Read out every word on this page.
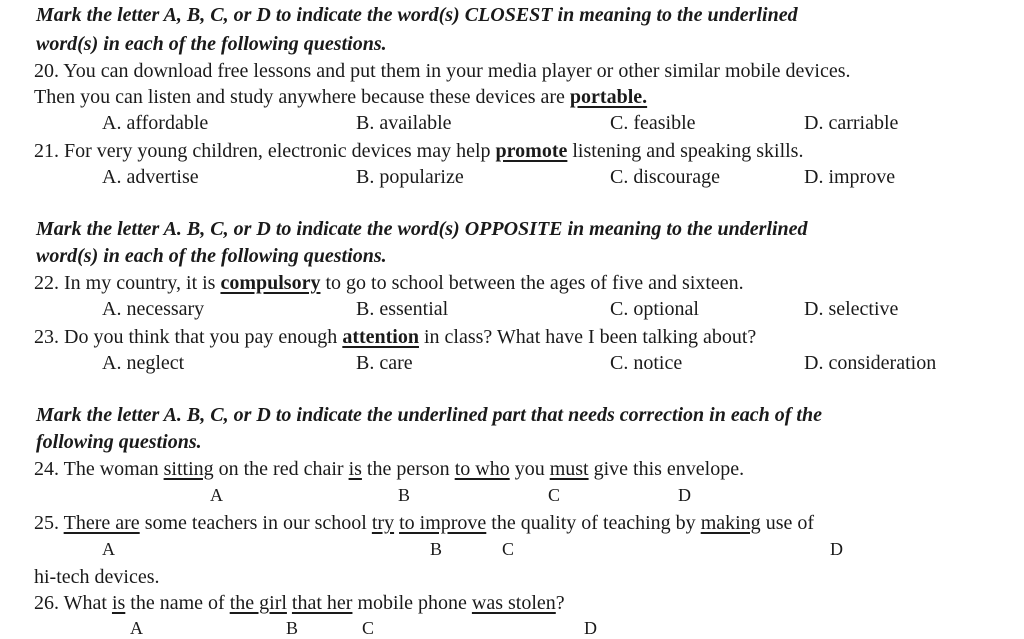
Mark the letter A, B, C, or D to indicate the word(s) CLOSEST in meaning to the underlined
word(s) in each of the following questions.
20. You can download free lessons and put them in your media player or other similar mobile devices.
Then you can listen and study anywhere because these devices are portable.
A. affordable	B. available	C. feasible	D. carriable
21. For very young children, electronic devices may help promote listening and speaking skills.
A. advertise	B. popularize	C. discourage	D. improve
Mark the letter A. B, C, or D to indicate the word(s) OPPOSITE in meaning to the underlined
word(s) in each of the following questions.
22. In my country, it is compulsory to go to school between the ages of five and sixteen.
A. necessary	B. essential	C. optional	D. selective
23. Do you think that you pay enough attention in class? What have I been talking about?
A. neglect	B. care	C. notice	D. consideration
Mark the letter A. B, C, or D to indicate the underlined part that needs correction in each of the
following questions.
24. The woman sitting on the red chair is the person to who you must give this envelope.
A	B	C	D
25. There are some teachers in our school try to improve the quality of teaching by making use of
A	B	C	D
hi-tech devices.
26. What is the name of the girl that her mobile phone was stolen?
A	B	C	D
